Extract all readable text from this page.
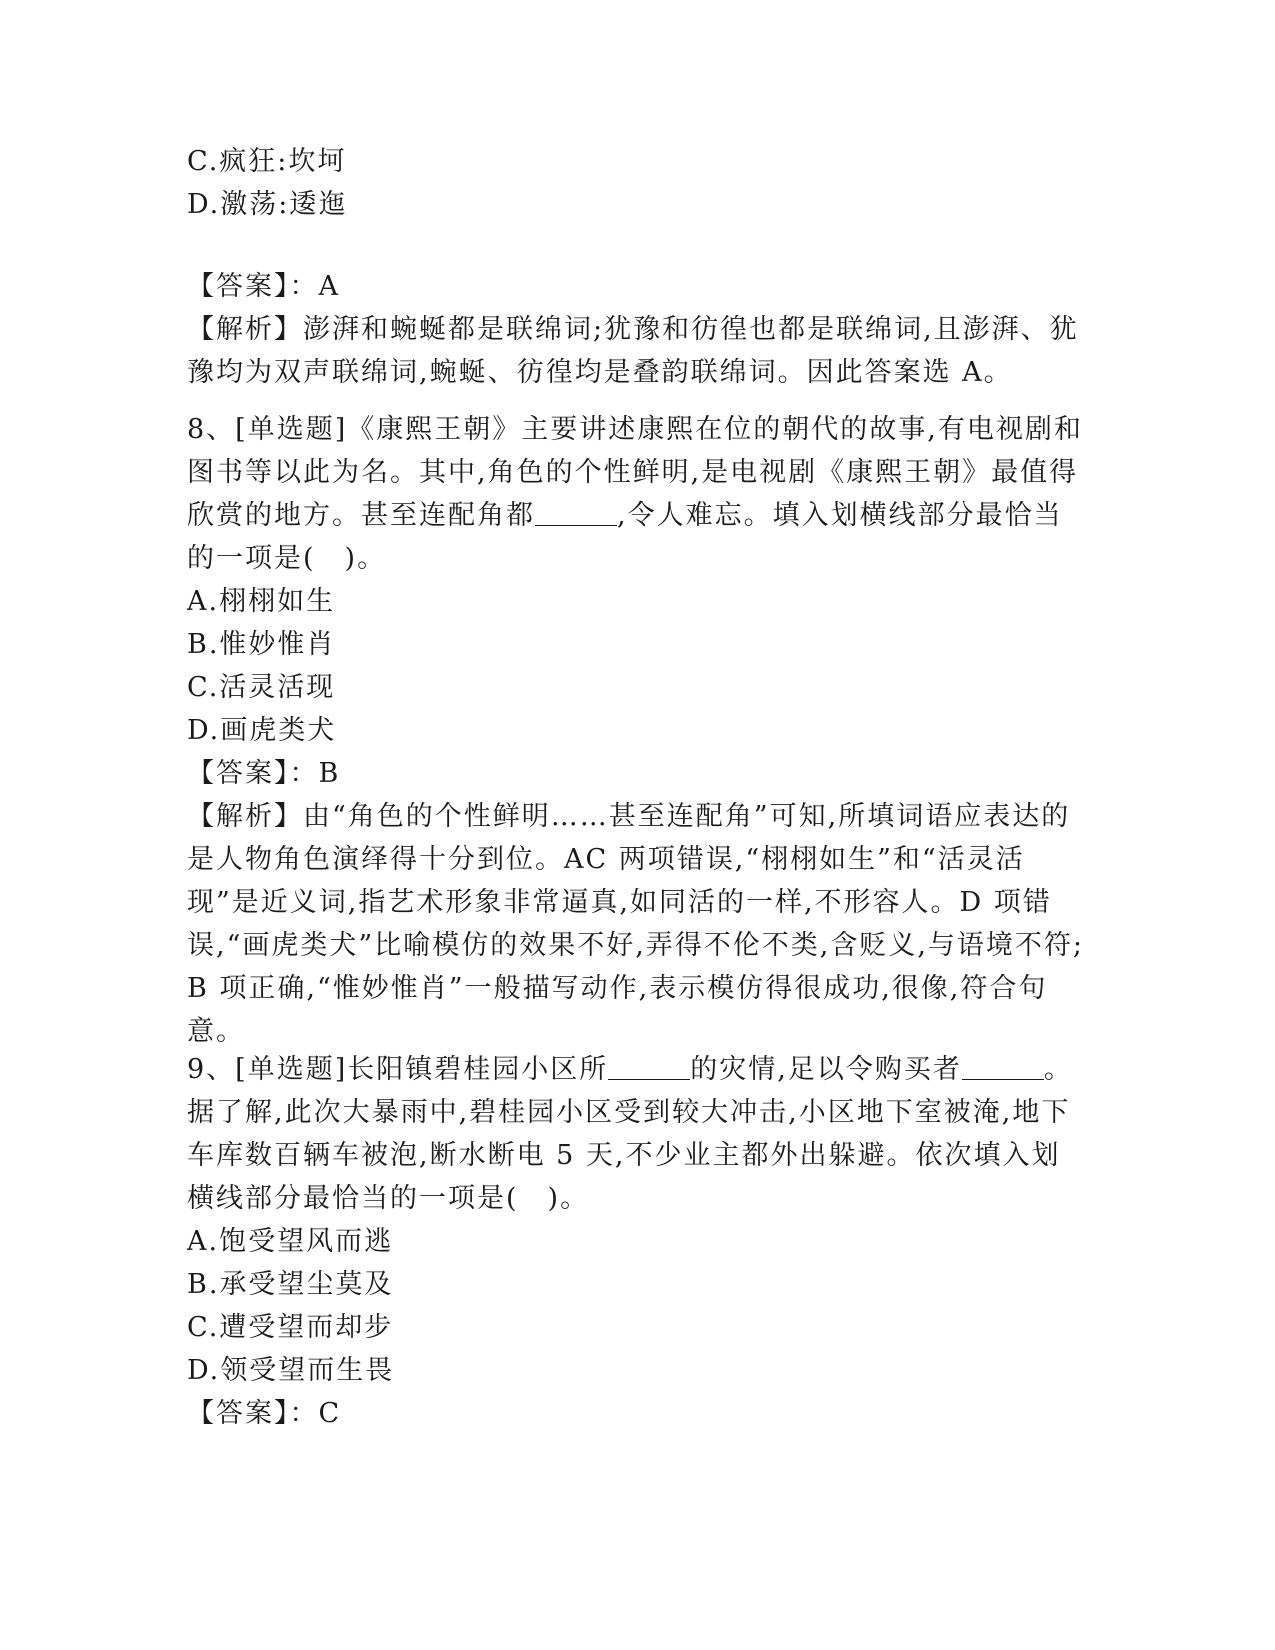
C.疯狂:坎坷
D.激荡:逶迤
【答案】：A
【解析】澎湃和蜿蜒都是联绵词;犹豫和彷徨也都是联绵词,且澎湃、犹豫均为双声联绵词,蜿蜒、彷徨均是叠韵联绵词。因此答案选 A。
8、[单选题]《康熙王朝》主要讲述康熙在位的朝代的故事,有电视剧和图书等以此为名。其中,角色的个性鲜明,是电视剧《康熙王朝》最值得欣赏的地方。甚至连配角都	,令人难忘。填入划横线部分最恰当的一项是(　)。
A.栩栩如生
B.惟妙惟肖
C.活灵活现
D.画虎类犬
【答案】：B
【解析】由“角色的个性鲜明……甚至连配角”可知,所填词语应表达的是人物角色演绎得十分到位。AC 两项错误,“栩栩如生”和“活灵活现”是近义词,指艺术形象非常逼真,如同活的一样,不形容人。D 项错误,“画虎类犬”比喻模仿的效果不好,弄得不伦不类,含贬义,与语境不符;B 项正确,“惟妙惟肖”一般描写动作,表示模仿得很成功,很像,符合句意。
9、[单选题]长阳镇碧桂园小区所	的灾情,足以令购买者	。据了解,此次大暴雨中,碧桂园小区受到较大冲击,小区地下室被淹,地下车库数百辆车被泡,断水断电 5 天,不少业主都外出躲避。依次填入划横线部分最恰当的一项是(　)。
A.饱受望风而逃
B.承受望尘莫及
C.遭受望而却步
D.领受望而生畏
【答案】：C
